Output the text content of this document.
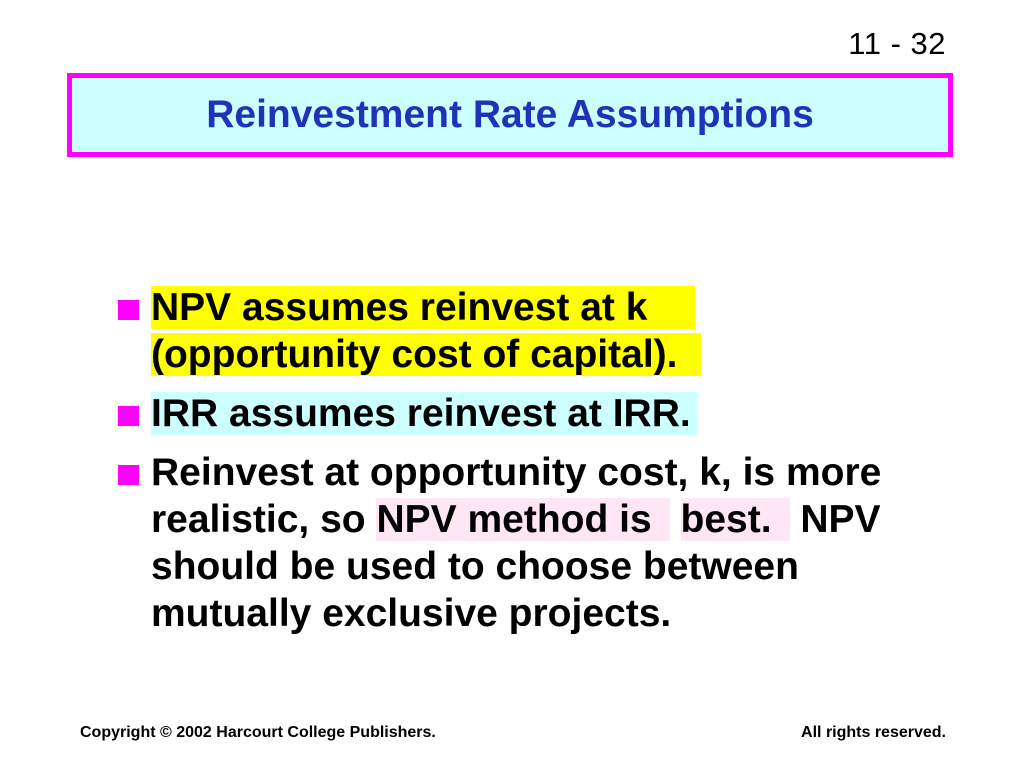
11 - 32
Reinvestment Rate Assumptions
NPV assumes reinvest at k
(opportunity cost of capital).
IRR assumes reinvest at IRR.
Reinvest at opportunity cost, k, is more realistic, so NPV method is best. NPV should be used to choose between mutually exclusive projects.
Copyright © 2002 Harcourt College Publishers.	All rights reserved.
